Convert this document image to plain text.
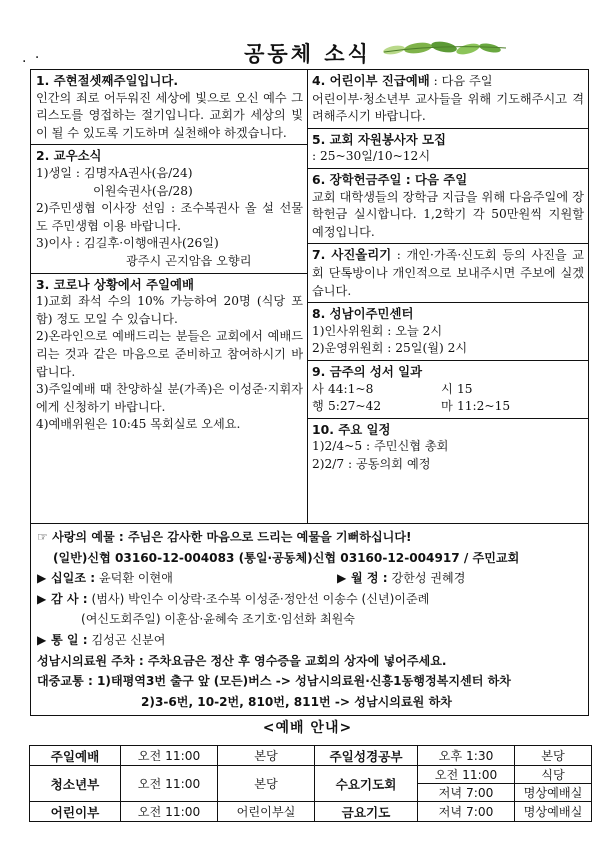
. ·	공동체 소식
1. 주현절셋째주일입니다.
인간의 죄로 어두워진 세상에 빛으로 오신 예수 그리스도를 영접하는 절기입니다. 교회가 세상의 빛이 될 수 있도록 기도하며 실천해야 하겠습니다.
2. 교우소식
1)생일 : 김명자A권사(음/24)
이원숙권사(음/28)
2)주민생협 이사장 선임 : 조수복권사 올 설 선물도 주민생협 이용 바랍니다.
3)이사 : 김길후·이행애권사(26일)
광주시 곤지암읍 오향리
3. 코로나 상황에서 주일예배
1)교회 좌석 수의 10% 가능하여 20명 (식당 포함) 정도 모일 수 있습니다.
2)온라인으로 예배드리는 분들은 교회에서 예배드리는 것과 같은 마음으로 준비하고 참여하시기 바랍니다.
3)주일예배 때 찬양하실 분(가족)은 이성준·지휘자에게 신청하기 바랍니다.
4)예배위원은 10:45 목회실로 오세요.
4. 어린이부 진급예배 : 다음 주일
어린이부·청소년부 교사들을 위해 기도해주시고 격려해주시기 바랍니다.
5. 교회 자원봉사자 모집
: 25~30일/10~12시
6. 장학헌금주일 : 다음 주일
교회 대학생들의 장학금 지급을 위해 다음주일에 장학헌금 실시합니다. 1,2학기 각 50만원씩 지원할 예정입니다.
7. 사진올리기 : 개인·가족·신도회 등의 사진을 교회 단톡방이나 개인적으로 보내주시면 주보에 실겠습니다.
8. 성남이주민센터
1)인사위원회 : 오늘 2시
2)운영위원회 : 25일(월) 2시
9. 금주의 성서 일과
사 44:1~8	시 15
행 5:27~42	마 11:2~15
10. 주요 일정
1)2/4~5 : 주민신협 총회
2)2/7 : 공동의회 예정
☞ 사랑의 예물 : 주님은 감사한 마음으로 드리는 예물을 기뻐하십니다!
(일반)신협 03160-12-004083 (통일·공동체)신협 03160-12-004917 / 주민교회
▶ 십일조 : 윤덕환 이현애	▶ 월 정 : 강한성 권혜경
▶ 감 사 : (범사) 박인수 이상락·조수복 이성준·정안선 이송수 (신년)이준례
(여신도회주일) 이훈삼·윤혜숙 조기호·임선화 최원숙
▶ 통 일 : 김성곤 신분여
성남시의료원 주차 : 주차요금은 정산 후 영수증을 교회의 상자에 넣어주세요.
대중교통 : 1)태평역3번 출구 앞 (모든)버스 -> 성남시의료원·신흥1동행정복지센터 하차
2)3-6번, 10-2번, 810번, 811번 -> 성남시의료원 하차
<예배 안내>
주일예배	오전 11:00	본당	주일성경공부	오후 1:30	본당
청소년부	오전 11:00	본당	수요기도회	오전 11:00	식당
				저녁 7:00	명상예배실
어린이부	오전 11:00	어린이부실	금요기도	저녁 7:00	명상예배실
